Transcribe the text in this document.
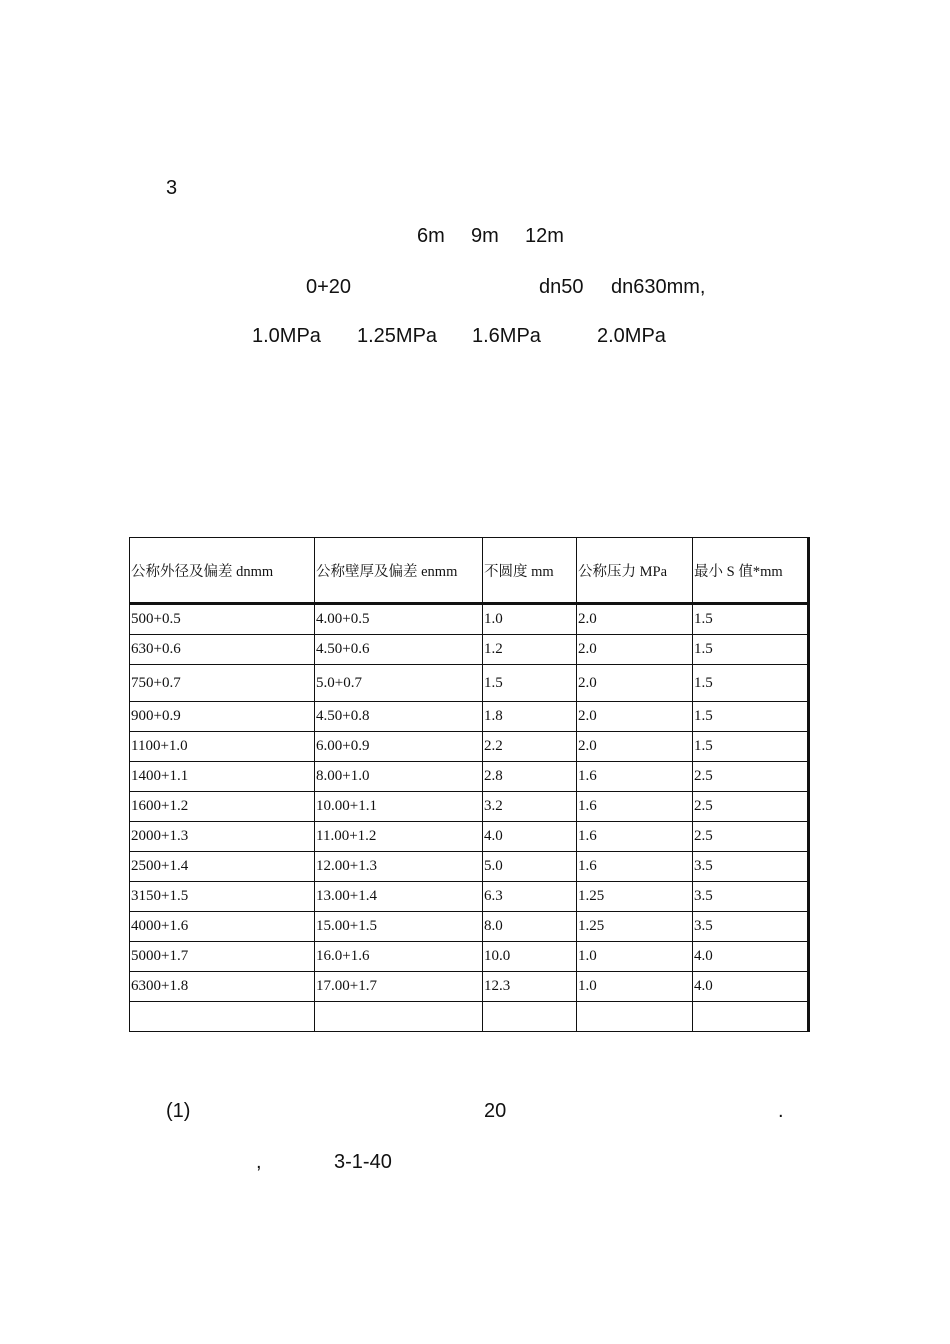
3
6m 9m 12m
0+20	dn50 dn630mm,
1.0MPa 1.25MPa 1.6MPa	2.0MPa
公称外径及偏差 dnmm	公称壁厚及偏差 enmm	不圆度 mm	公称压力 MPa	最小 S 值*mm
500+0.5	4.00+0.5	1.0	2.0	1.5
630+0.6	4.50+0.6	1.2	2.0	1.5
750+0.7	5.0+0.7	1.5	2.0	1.5
900+0.9	4.50+0.8	1.8	2.0	1.5
1100+1.0	6.00+0.9	2.2	2.0	1.5
1400+1.1	8.00+1.0	2.8	1.6	2.5
1600+1.2	10.00+1.1	3.2	1.6	2.5
2000+1.3	11.00+1.2	4.0	1.6	2.5
2500+1.4	12.00+1.3	5.0	1.6	3.5
3150+1.5	13.00+1.4	6.3	1.25	3.5
4000+1.6	15.00+1.5	8.0	1.25	3.5
5000+1.7	16.0+1.6	10.0	1.0	4.0
6300+1.8	17.00+1.7	12.3	1.0	4.0

(1)	20	.
,	3-1-40
